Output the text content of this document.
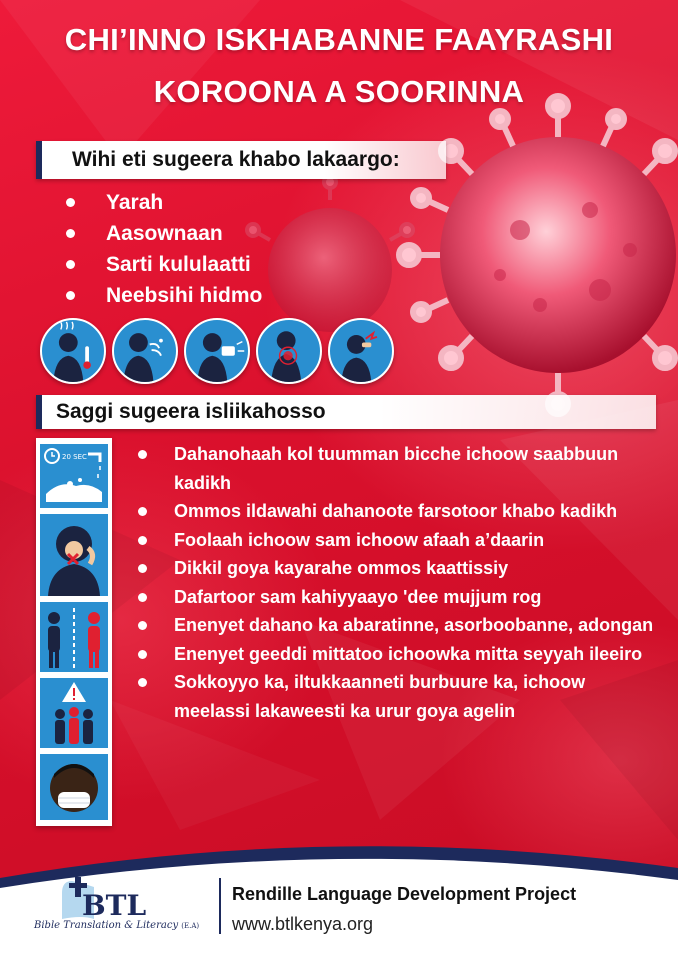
CHI’INNO ISKHABANNE FAAYRASHI
KOROONA A SOORINNA
Wihi eti sugeera khabo lakaargo:
Yarah
Aasownaan
Sarti kululaatti
Neebsihi hidmo
Saggi sugeera isliikahosso
20 SEC	Dahanohaah kol tuumman bicche ichoow saabbuun kadikh
Ommos ildawahi dahanoote farsotoor khabo kadikh
Foolaah ichoow sam ichoow afaah a’daarin
Dikkil goya kayarahe ommos kaattissiy
Dafartoor sam kahiyyaayo 'dee mujjum rog
Enenyet dahano ka abaratinne, asorboobanne, adongan
Enenyet geeddi mittatoo ichoowka mitta seyyah ileeiro
Sokkoyyo ka, iltukkaanneti burbuure ka, ichoow meelassi lakaweesti ka urur goya agelin
BTL
Bible Translation & Literacy (E.A)
Rendille Language Development Project
www.btlkenya.org
